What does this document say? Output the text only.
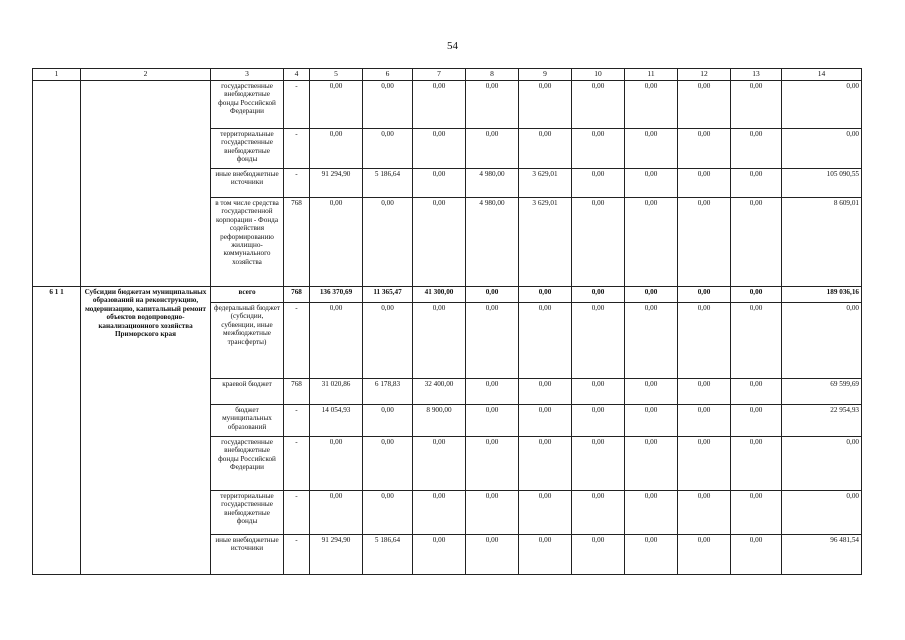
54
1	2	3	4	5	6	7	8	9	10	11	12	13	14
		государственные внебюджетные фонды Российской Федерации	-	0,00	0,00	0,00	0,00	0,00	0,00	0,00	0,00	0,00	0,00
		территориальные государственные внебюджетные фонды	-	0,00	0,00	0,00	0,00	0,00	0,00	0,00	0,00	0,00	0,00
		иные внебюджетные источники	-	91 294,90	5 186,64	0,00	4 980,00	3 629,01	0,00	0,00	0,00	0,00	105 090,55
		в том числе средства государственной корпорации - Фонда содействия реформированию жилищно-коммунального хозяйства	768	0,00	0,00	0,00	4 980,00	3 629,01	0,00	0,00	0,00	0,00	8 609,01
6 1 1	Субсидии бюджетам муниципальных образований на реконструкцию, модернизацию, капитальный ремонт объектов водопроводно-канализационного хозяйства Приморского края	всего	768	136 370,69	11 365,47	41 300,00	0,00	0,00	0,00	0,00	0,00	0,00	189 036,16
		федеральный бюджет (субсидии, субвенции, иные межбюджетные трансферты)	-	0,00	0,00	0,00	0,00	0,00	0,00	0,00	0,00	0,00	0,00
		краевой бюджет	768	31 020,86	6 178,83	32 400,00	0,00	0,00	0,00	0,00	0,00	0,00	69 599,69
		бюджет муниципальных образований	-	14 054,93	0,00	8 900,00	0,00	0,00	0,00	0,00	0,00	0,00	22 954,93
		государственные внебюджетные фонды Российской Федерации	-	0,00	0,00	0,00	0,00	0,00	0,00	0,00	0,00	0,00	0,00
		территориальные государственные внебюджетные фонды	-	0,00	0,00	0,00	0,00	0,00	0,00	0,00	0,00	0,00	0,00
		иные внебюджетные источники	-	91 294,90	5 186,64	0,00	0,00	0,00	0,00	0,00	0,00	0,00	96 481,54
